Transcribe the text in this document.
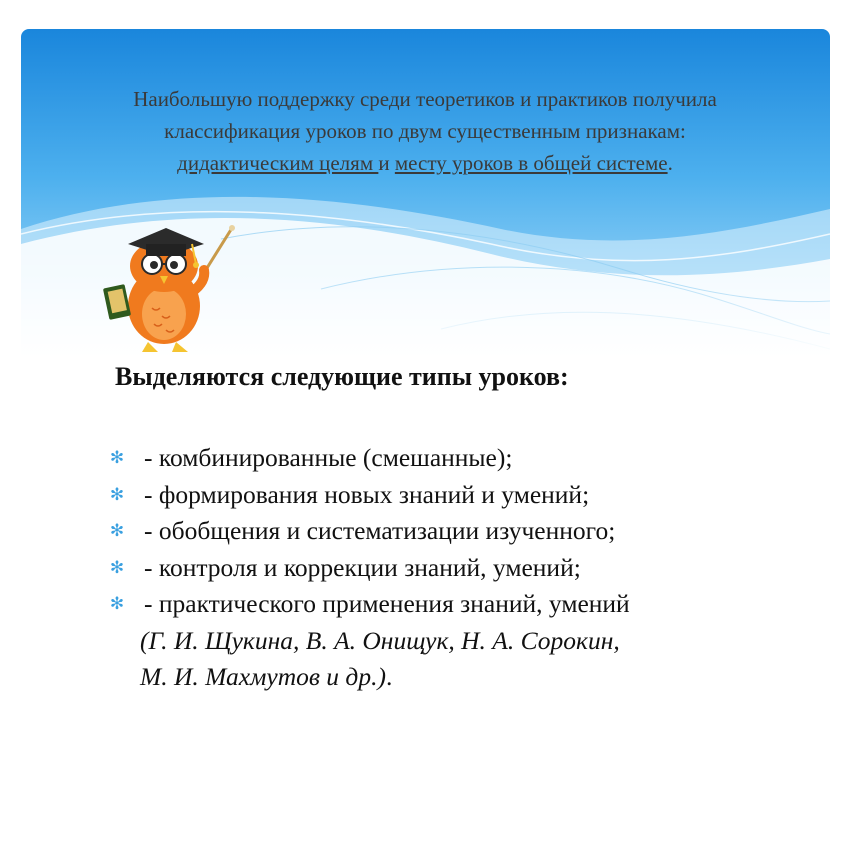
Наибольшую поддержку среди теоретиков и практиков получила
классификация уроков по двум существенным признакам:
дидактическим целям и месту уроков в общей системе.
Выделяются следующие типы уроков:
✻ - комбинированные (смешанные);
✻ - формирования новых знаний и умений;
✻ - обобщения и систематизации изученного;
✻ - контроля и коррекции знаний, умений;
✻ - практического применения знаний, умений
(Г. И. Щукина, В. А. Онищук, Н. А. Сорокин,
М. И. Махмутов и др.).
